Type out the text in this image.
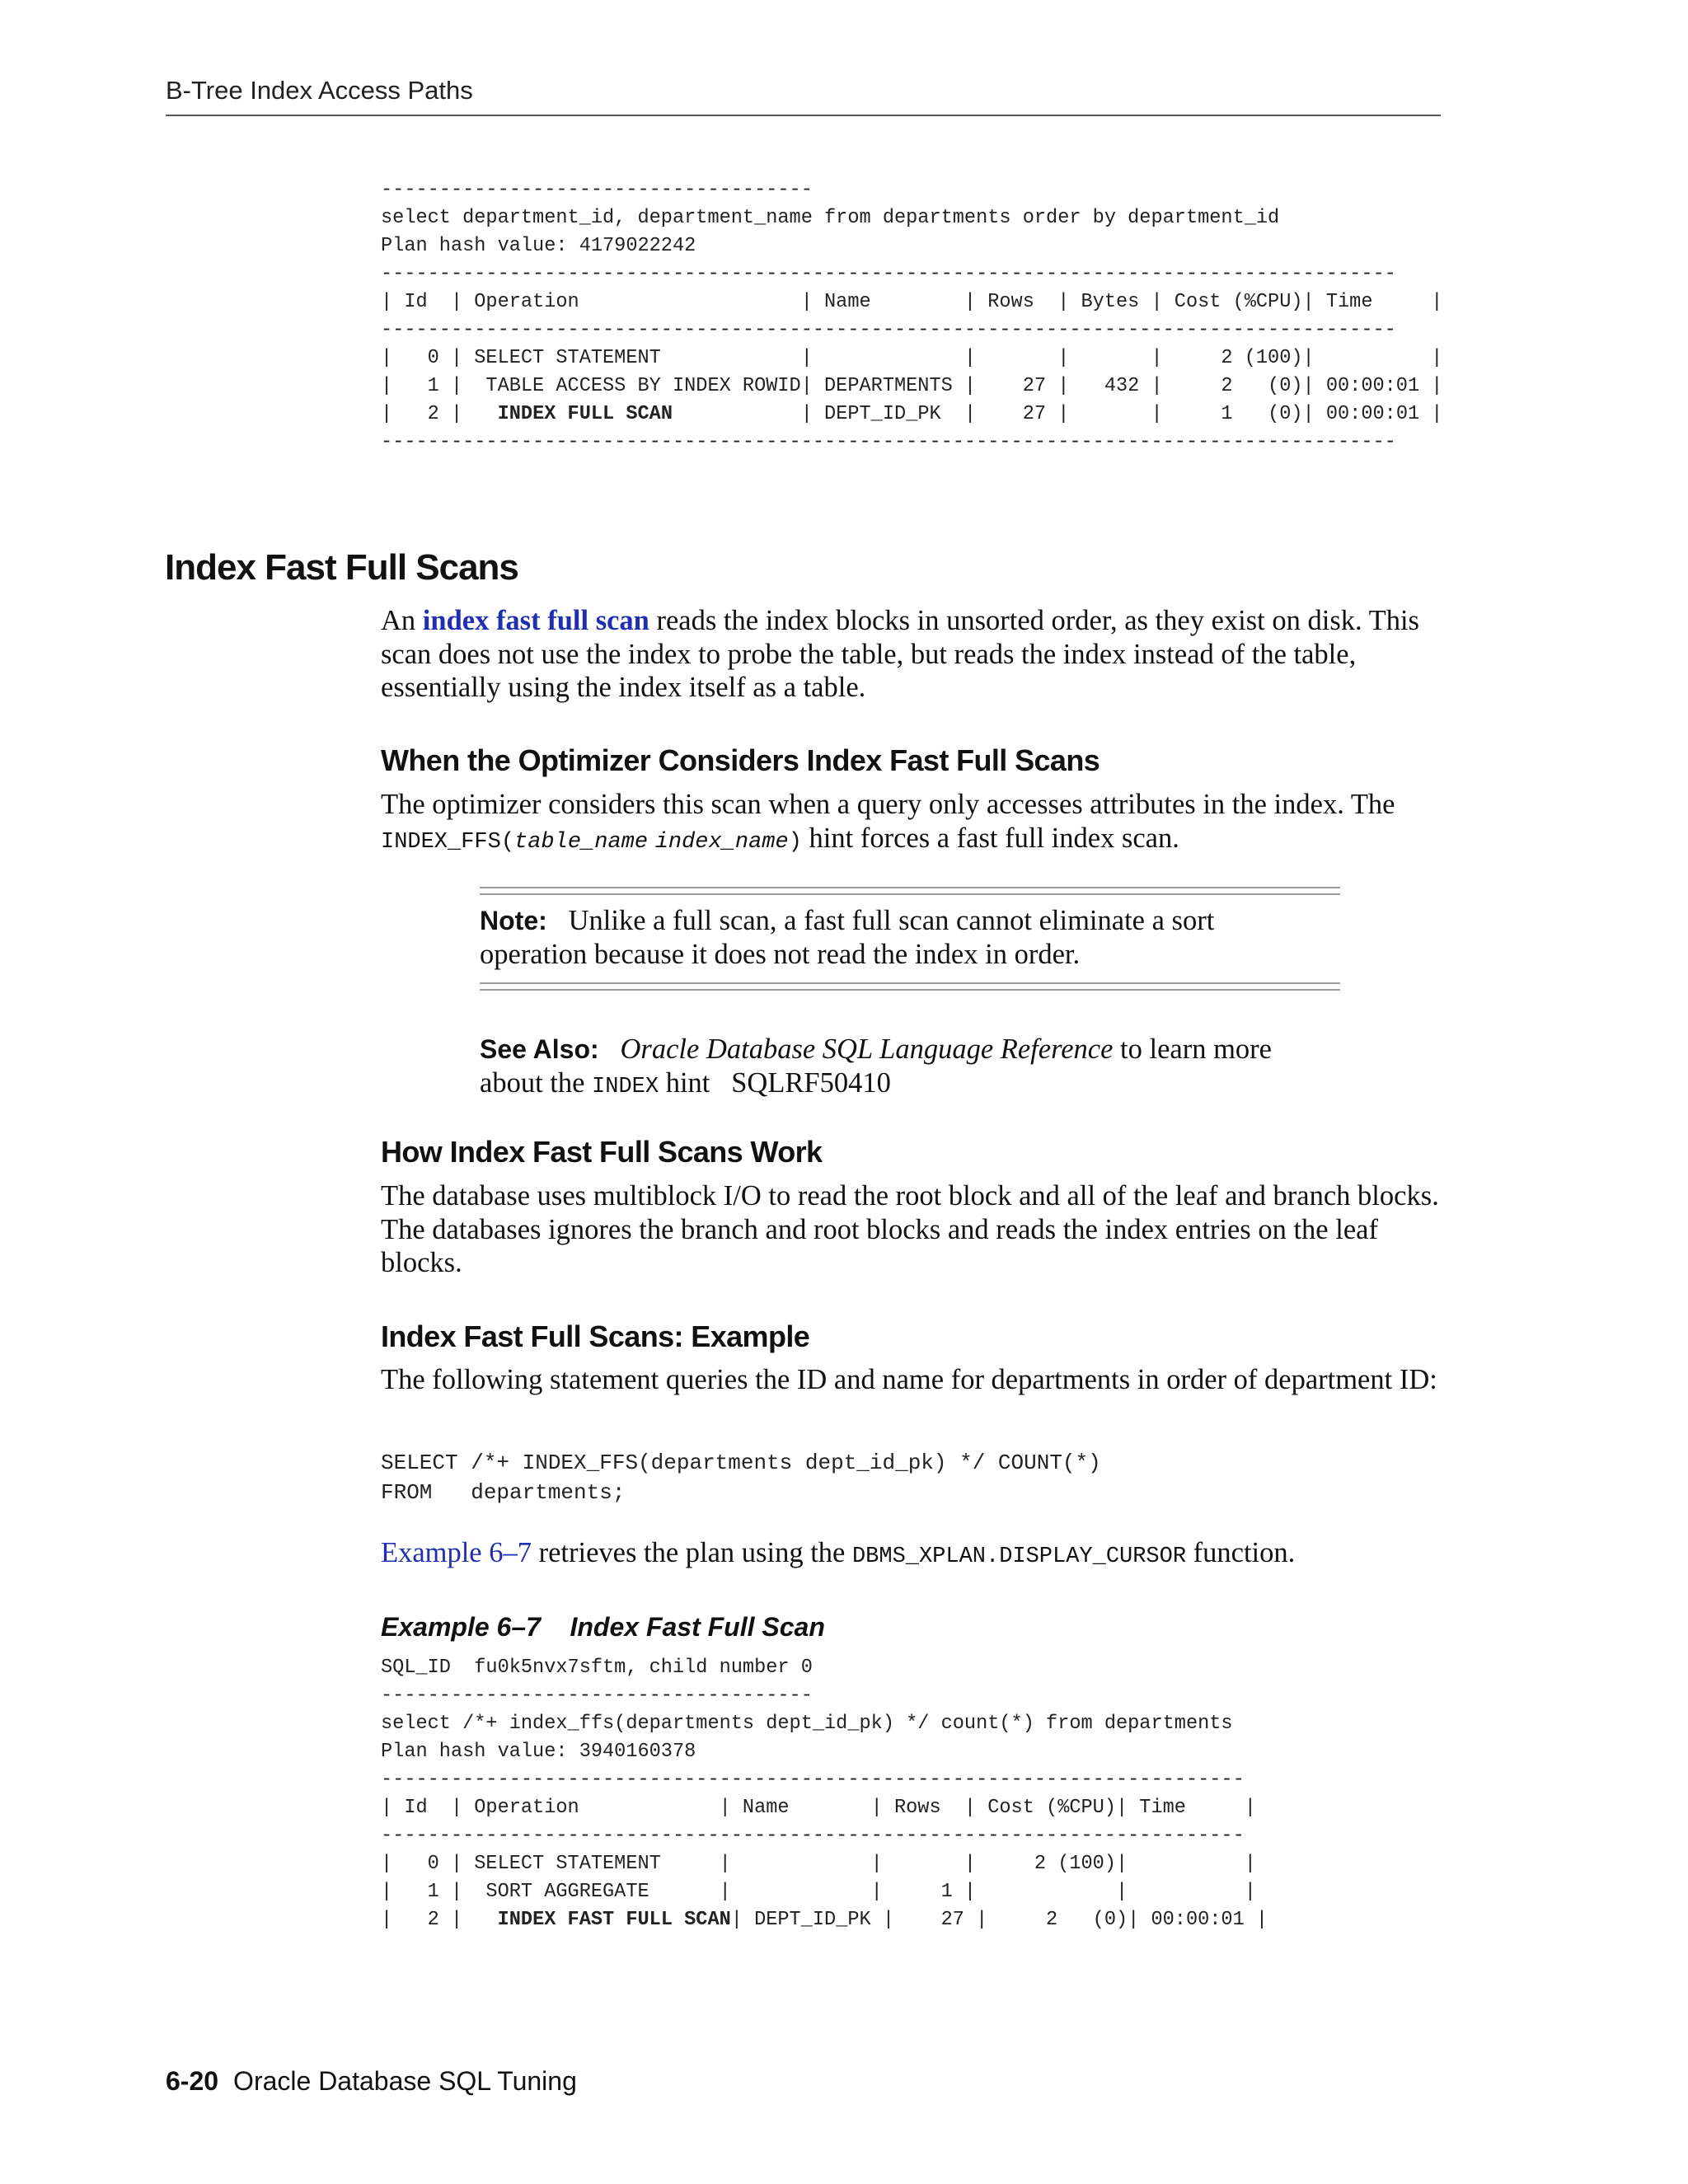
B-Tree Index Access Paths
-------------------------------------
select department_id, department_name from departments order by department_id
Plan hash value: 4179022242
---------------------------------------------------------------------------------------
| Id  | Operation                   | Name        | Rows  | Bytes | Cost (%CPU)| Time     |
---------------------------------------------------------------------------------------
|   0 | SELECT STATEMENT            |             |       |       |     2 (100)|          |
|   1 |  TABLE ACCESS BY INDEX ROWID| DEPARTMENTS |    27 |   432 |     2   (0)| 00:00:01 |
|   2 |   INDEX FULL SCAN           | DEPT_ID_PK  |    27 |       |     1   (0)| 00:00:01 |
---------------------------------------------------------------------------------------
Index Fast Full Scans
An index fast full scan reads the index blocks in unsorted order, as they exist on disk. This scan does not use the index to probe the table, but reads the index instead of the table, essentially using the index itself as a table.
When the Optimizer Considers Index Fast Full Scans
The optimizer considers this scan when a query only accesses attributes in the index. The INDEX_FFS(table_name index_name) hint forces a fast full index scan.
Note: Unlike a full scan, a fast full scan cannot eliminate a sort operation because it does not read the index in order.
See Also: Oracle Database SQL Language Reference to learn more about the INDEX hint SQLRF50410
How Index Fast Full Scans Work
The database uses multiblock I/O to read the root block and all of the leaf and branch blocks. The databases ignores the branch and root blocks and reads the index entries on the leaf blocks.
Index Fast Full Scans: Example
The following statement queries the ID and name for departments in order of department ID:
SELECT /*+ INDEX_FFS(departments dept_id_pk) */ COUNT(*)
FROM   departments;
Example 6–7 retrieves the plan using the DBMS_XPLAN.DISPLAY_CURSOR function.
Example 6–7    Index Fast Full Scan
SQL_ID  fu0k5nvx7sftm, child number 0
-------------------------------------
select /*+ index_ffs(departments dept_id_pk) */ count(*) from departments
Plan hash value: 3940160378
--------------------------------------------------------------------------
| Id  | Operation            | Name       | Rows  | Cost (%CPU)| Time     |
--------------------------------------------------------------------------
|   0 | SELECT STATEMENT     |            |       |     2 (100)|          |
|   1 |  SORT AGGREGATE      |            |     1 |            |          |
|   2 |   INDEX FAST FULL SCAN| DEPT_ID_PK |    27 |     2   (0)| 00:00:01 |
6-20 Oracle Database SQL Tuning
